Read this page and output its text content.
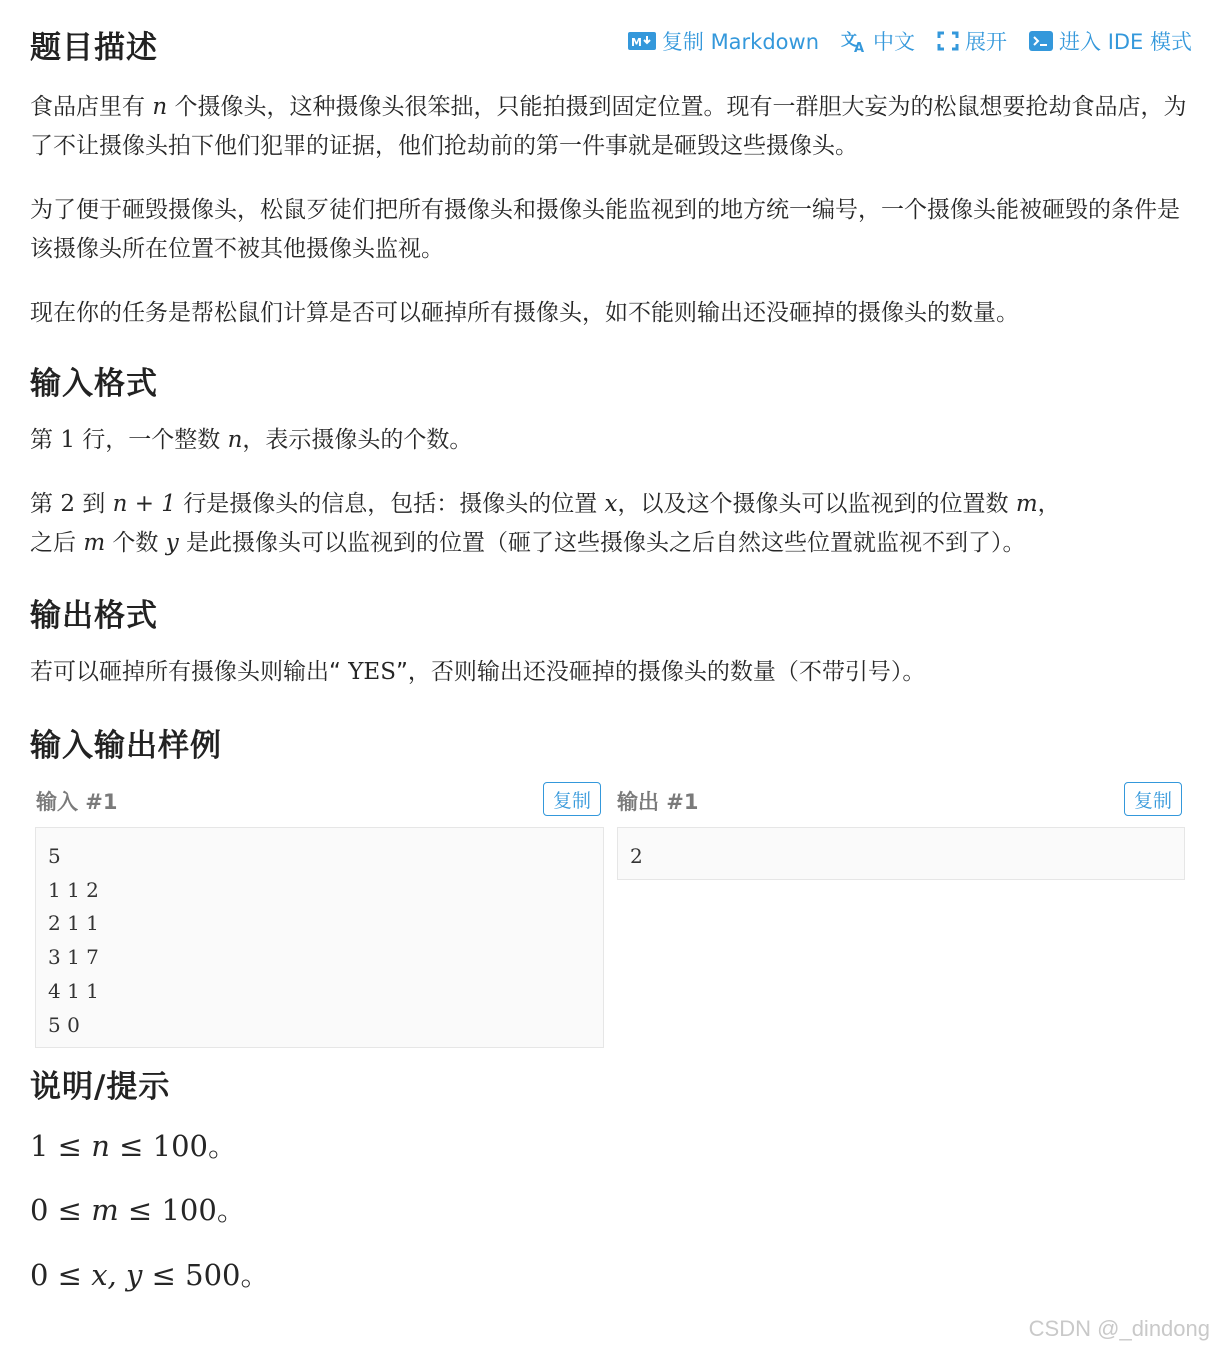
题目描述	M 复制 Markdown 文
A 中文 展开 进入 IDE 模式
食品店里有 n 个摄像头，这种摄像头很笨拙，只能拍摄到固定位置。现有一群胆大妄为的松鼠想要抢劫食品店，为了不让摄像头拍下他们犯罪的证据，他们抢劫前的第一件事就是砸毁这些摄像头。
为了便于砸毁摄像头，松鼠歹徒们把所有摄像头和摄像头能监视到的地方统一编号，一个摄像头能被砸毁的条件是该摄像头所在位置不被其他摄像头监视。
现在你的任务是帮松鼠们计算是否可以砸掉所有摄像头，如不能则输出还没砸掉的摄像头的数量。
输入格式
第 1 行，一个整数 n，表示摄像头的个数。
第 2 到 n + 1 行是摄像头的信息，包括：摄像头的位置 x，以及这个摄像头可以监视到的位置数 m，
之后 m 个数 y 是此摄像头可以监视到的位置（砸了这些摄像头之后自然这些位置就监视不到了）。
输出格式
若可以砸掉所有摄像头则输出“ YES”，否则输出还没砸掉的摄像头的数量（不带引号）。
输入输出样例
输入 #1	复制
5
1 1 2
2 1 1
3 1 7
4 1 1
5 0
输出 #1	复制
2
说明/提示
1 ≤ n ≤ 100。
0 ≤ m ≤ 100。
0 ≤ x, y ≤ 500。
CSDN @_dindong
